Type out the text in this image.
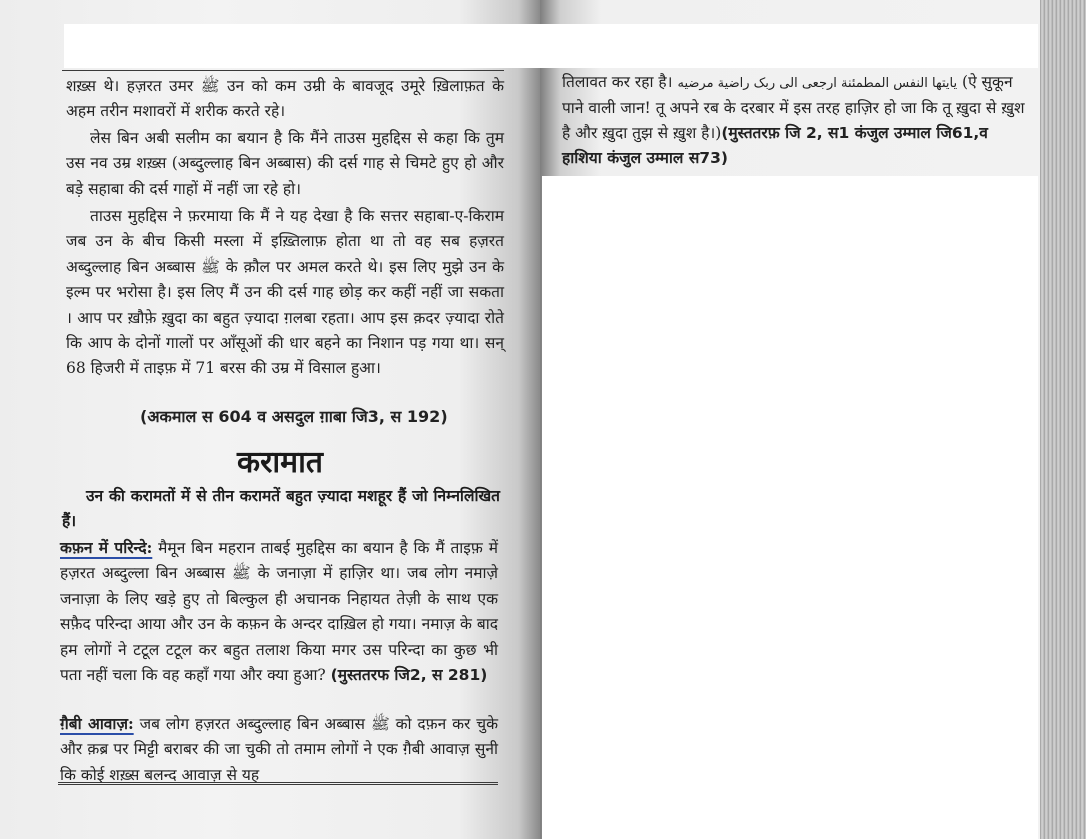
शख़्स थे। हज़रत उमर ﷺ उन को कम उम्री के बावजूद उमूरे ख़िलाफ़त के अहम तरीन मशावरों में शरीक करते रहे।

लेस बिन अबी सलीम का बयान है कि मैंने ताउस मुहद्दिस से कहा कि तुम उस नव उम्र शख़्स (अब्दुल्लाह बिन अब्बास) की दर्स गाह से चिमटे हुए हो और बड़े सहाबा की दर्स गाहों में नहीं जा रहे हो।

ताउस मुहद्दिस ने फ़रमाया कि मैं ने यह देखा है कि सत्तर सहाबा-ए-किराम जब उन के बीच किसी मस्ला में इख़्तिलाफ़ होता था तो वह सब हज़रत अब्दुल्लाह बिन अब्बास ﷺ के क़ौल पर अमल करते थे। इस लिए मुझे उन के इल्म पर भरोसा है। इस लिए मैं उन की दर्स गाह छोड़ कर कहीं नहीं जा सकता । आप पर ख़ौफ़े ख़ुदा का बहुत ज़्यादा ग़लबा रहता। आप इस क़दर ज़्यादा रोते कि आप के दोनों गालों पर आँसूओं की धार बहने का निशान पड़ गया था। सन् 68 हिजरी में ताइफ़ में 71 बरस की उम्र में विसाल हुआ।

(अकमाल स 604 व असदुल ग़ाबा जि3, स 192)
करामात
उन की करामतों में से तीन करामतें बहुत ज़्यादा मशहूर हैं जो निम्नलिखित हैं।

कफ़न में परिन्दे: मैमून बिन महरान ताबई मुहद्दिस का बयान है कि मैं ताइफ़ में हज़रत अब्दुल्ला बिन अब्बास ﷺ के जनाज़ा में हाज़िर था। जब लोग नमाज़े जनाज़ा के लिए खड़े हुए तो बिल्कुल ही अचानक निहायत तेज़ी के साथ एक सफ़ैद परिन्दा आया और उन के कफ़न के अन्दर दाख़िल हो गया। नमाज़ के बाद हम लोगों ने टटूल टटूल कर बहुत तलाश किया मगर उस परिन्दा का कुछ भी पता नहीं चला कि वह कहाँ गया और क्या हुआ? (मुस्ततरफ जि2, स 281)

ग़ैबी आवाज़: जब लोग हज़रत अब्दुल्लाह बिन अब्बास ﷺ को दफ़न कर चुके और क़ब्र पर मिट्टी बराबर की जा चुकी तो तमाम लोगों ने एक ग़ैबी आवाज़ सुनी कि कोई शख़्स बलन्द आवाज़ से यह

तिलावत कर रहा है। يايتها النفس المطمئنة ارجعی الی ربک راضية مرضيه (ऐ सुकून पाने वाली जान! तू अपने रब के दरबार में इस तरह हाज़िर हो जा कि तू ख़ुदा से ख़ुश है और ख़ुदा तुझ से ख़ुश है।)(मुस्ततरफ़ जि 2, स1 कंजुल उम्माल जि61,व हाशिया कंजुल उम्माल स73)
